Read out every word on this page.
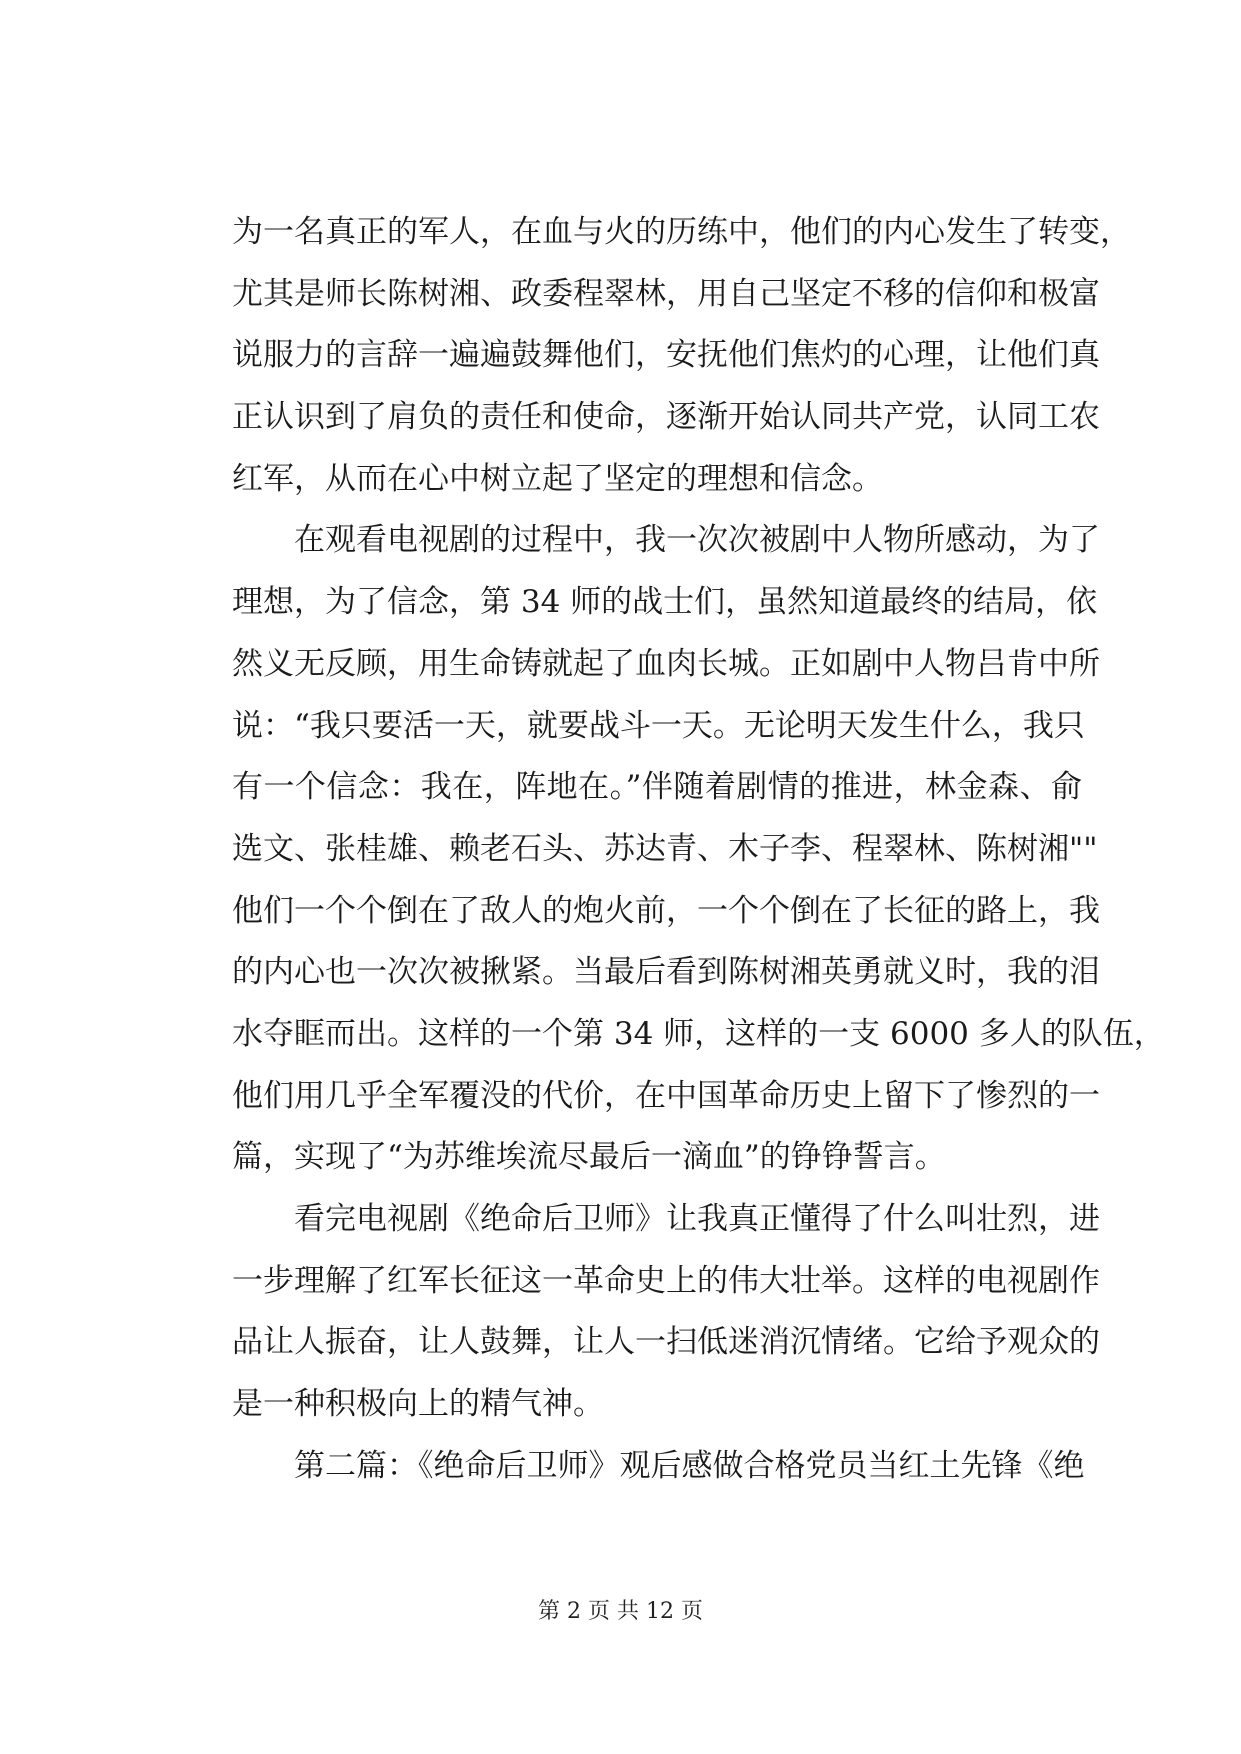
为一名真正的军人，在血与火的历练中，他们的内心发生了转变，
尤其是师长陈树湘、政委程翠林，用自己坚定不移的信仰和极富
说服力的言辞一遍遍鼓舞他们，安抚他们焦灼的心理，让他们真
正认识到了肩负的责任和使命，逐渐开始认同共产党，认同工农
红军，从而在心中树立起了坚定的理想和信念。
　　在观看电视剧的过程中，我一次次被剧中人物所感动，为了
理想，为了信念，第 34 师的战士们，虽然知道最终的结局，依
然义无反顾，用生命铸就起了血肉长城。正如剧中人物吕肯中所
说：“我只要活一天，就要战斗一天。无论明天发生什么，我只
有一个信念：我在，阵地在。”伴随着剧情的推进，林金森、俞
选文、张桂雄、赖老石头、苏达青、木子李、程翠林、陈树湘""
他们一个个倒在了敌人的炮火前，一个个倒在了长征的路上，我
的内心也一次次被揪紧。当最后看到陈树湘英勇就义时，我的泪
水夺眶而出。这样的一个第 34 师，这样的一支 6000 多人的队伍，
他们用几乎全军覆没的代价，在中国革命历史上留下了惨烈的一
篇，实现了“为苏维埃流尽最后一滴血”的铮铮誓言。
　　看完电视剧《绝命后卫师》让我真正懂得了什么叫壮烈，进
一步理解了红军长征这一革命史上的伟大壮举。这样的电视剧作
品让人振奋，让人鼓舞，让人一扫低迷消沉情绪。它给予观众的
是一种积极向上的精气神。
　　第二篇：《绝命后卫师》观后感做合格党员当红土先锋《绝
第 2 页 共 12 页
